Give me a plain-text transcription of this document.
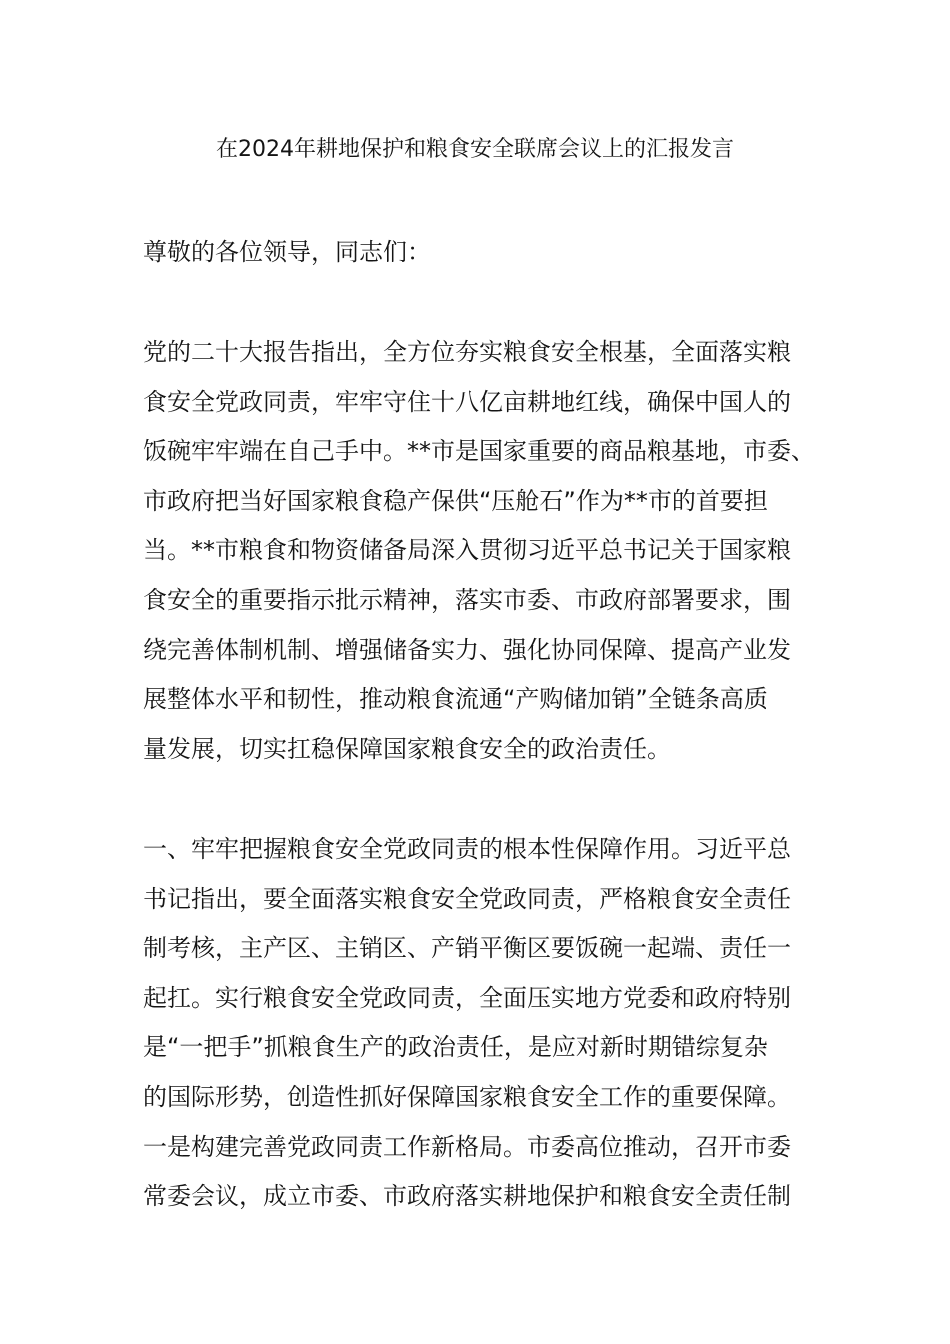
在2024年耕地保护和粮食安全联席会议上的汇报发言
尊敬的各位领导，同志们：
党的二十大报告指出，全方位夯实粮食安全根基，全面落实粮
食安全党政同责，牢牢守住十八亿亩耕地红线，确保中国人的
饭碗牢牢端在自己手中。**市是国家重要的商品粮基地，市委、
市政府把当好国家粮食稳产保供“压舱石”作为**市的首要担
当。**市粮食和物资储备局深入贯彻习近平总书记关于国家粮
食安全的重要指示批示精神，落实市委、市政府部署要求，围
绕完善体制机制、增强储备实力、强化协同保障、提高产业发
展整体水平和韧性，推动粮食流通“产购储加销”全链条高质
量发展，切实扛稳保障国家粮食安全的政治责任。
一、牢牢把握粮食安全党政同责的根本性保障作用。习近平总
书记指出，要全面落实粮食安全党政同责，严格粮食安全责任
制考核，主产区、主销区、产销平衡区要饭碗一起端、责任一
起扛。实行粮食安全党政同责，全面压实地方党委和政府特别
是“一把手”抓粮食生产的政治责任，是应对新时期错综复杂
的国际形势，创造性抓好保障国家粮食安全工作的重要保障。
一是构建完善党政同责工作新格局。市委高位推动，召开市委
常委会议，成立市委、市政府落实耕地保护和粮食安全责任制
